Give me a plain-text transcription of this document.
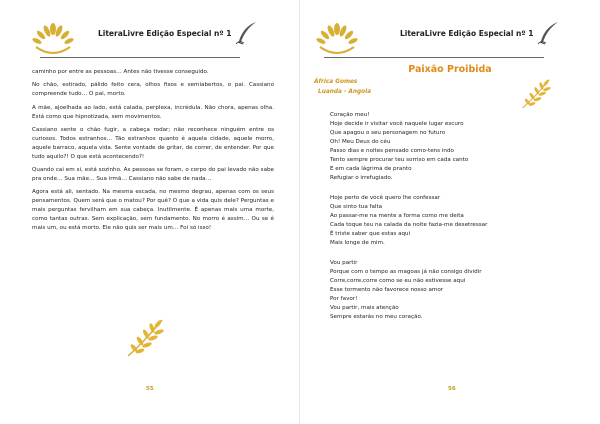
LiteraLivre Edição Especial nº 1

caminho por entre as pessoas… Antes não tivesse conseguido.

No chão, estirado, pálido feito cera, olhos fixos e semiabertos, o pai. Cassiano compreende tudo… O pai, morto.

A mãe, ajoelhada ao lado, está calada, perplexa, incrédula. Não chora, apenas olha. Está como que hipnotizada, sem movimentos.

Cassiano sente o chão fugir, a cabeça rodar; não reconhece ninguém entre os curiosos. Todos estranhos… Tão estranhos quanto é aquela cidade, aquele morro, aquele barraco, aquela vida. Sente vontade de gritar, de correr, de entender. Por que tudo aquilo?! O que está acontecendo?!

Quando cai em si, está sozinho. As pessoas se foram, o corpo do pai levado não sabe pra onde… Sua mãe… Sua irmã… Cassiano não sabe de nada…

Agora está ali, sentado. Na mesma escada, no mesmo degrau, apenas com os seus pensamentos. Quem será que o matou? Por quê? O que a vida quis dele? Perguntas e mais perguntas fervilham em sua cabeça. Inutilmente. É apenas mais uma morte, como tantas outras. Sem explicação, sem fundamento. No morro é assim… Ou se é mais um, ou está morto. Ele não quis ser mais um… Foi só isso!

55
LiteraLivre Edição Especial nº 1
Paixão Proibida
África Gomes
Luanda - Angola
Coração meu!
Hoje decide ir visitar você naquele lugar escuro
Que apagou o seu personagem no futuro
Oh! Meu Deus do céu
Passo dias e noites pensado como-tens indo
Tento sempre procurar teu sorriso em cada canto
E em cada lágrima de pranto
Refugiar o irrefugiado.
Hoje perto de você quero lhe confessar
Que sinto tua falta
Ao passar-me na mente a forma como me deita
Cada toque teu na calada da noite fazia-me desetressar
É triste saber que estas aqui
Mais longe de mim.
Vou partir
Porque com o tempo as magoas já não consigo dividir
Corre,corre,corre como se eu não estivesse aqui
Esse tormento não favorece nosso amor
Por favor!
Vou partir, mais atenção
Sempre estarás no meu coração.
56
